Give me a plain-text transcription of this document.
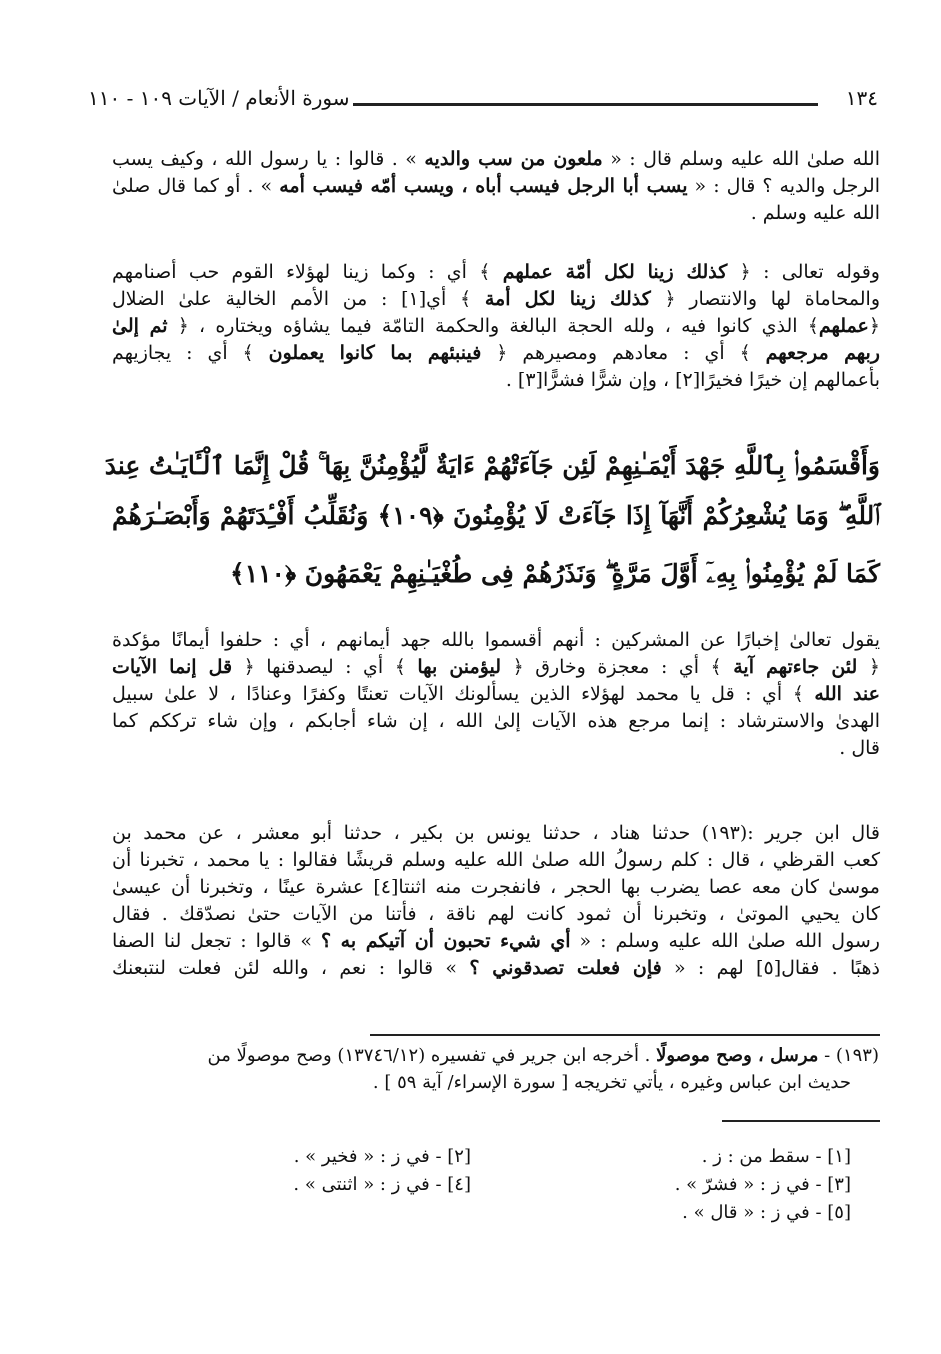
١٣٤
سورة الأنعام / الآيات ١٠٩ - ١١٠
الله صلىٰ الله عليه وسلم قال : « ملعون من سب والديه » . قالوا : يا رسول الله ، وكيف يسب
الرجل والديه ؟ قال : « يسب أبا الرجل فيسب أباه ، ويسب أمّه فيسب أمه » . أو كما قال صلىٰ
الله عليه وسلم .
وقوله تعالى : ﴿ كذلك زينا لكل أمّة عملهم ﴾ أي : وكما زينا لهؤلاء القوم حب أصنامهم
والمحاماة لها والانتصار ﴿ كذلك زينا لكل أمة ﴾ أي[١] : من الأمم الخالية علىٰ الضلال
﴿عملهم﴾ الذي كانوا فيه ، ولله الحجة البالغة والحكمة التامّة فيما يشاؤه ويختاره ، ﴿ ثم إلىٰ
ربهم مرجعهم ﴾ أي : معادهم ومصيرهم ﴿ فينبئهم بما كانوا يعملون ﴾ أي : يجازيهم
بأعمالهم إن خيرًا فخيرًا[٢] ، وإن شرًّا فشرًّا[٣] .
يقول تعالىٰ إخبارًا عن المشركين : أنهم أقسموا بالله جهد أيمانهم ، أي : حلفوا أيمانًا مؤكدة
﴿ لئن جاءتهم آية ﴾ أي : معجزة وخارق ﴿ ليؤمنن بها ﴾ أي : ليصدقنها ﴿ قل إنما الآيات
عند الله ﴾ أي : قل يا محمد لهؤلاء الذين يسألونك الآيات تعنتًا وكفرًا وعنادًا ، لا علىٰ سبيل
الهدىٰ والاسترشاد : إنما مرجع هذه الآيات إلىٰ الله ، إن شاء أجابكم ، وإن شاء ترككم كما
قال .
قال ابن جرير :(١٩٣) حدثنا هناد ، حدثنا يونس بن بكير ، حدثنا أبو معشر ، عن محمد بن
كعب القرظي ، قال : كلم رسولُ الله صلىٰ الله عليه وسلم قريشًا فقالوا : يا محمد ، تخبرنا أن
موسىٰ كان معه عصا يضرب بها الحجر ، فانفجرت منه اثنتا[٤] عشرة عينًا ، وتخبرنا أن عيسىٰ
كان يحيي الموتىٰ ، وتخبرنا أن ثمود كانت لهم ناقة ، فأتنا من الآيات حتىٰ نصدّقك . فقال
رسول الله صلىٰ الله عليه وسلم : « أي شيء تحبون أن آتيكم به ؟ » قالوا : تجعل لنا الصفا
ذهبًا . فقال[٥] لهم : « فإن فعلت تصدقوني ؟ » قالوا : نعم ، والله لئن فعلت لنتبعنك
وَأَقْسَمُوا۟ بِٱللَّهِ جَهْدَ أَيْمَـٰنِهِمْ لَئِن جَآءَتْهُمْ ءَايَةٌ لَّيُؤْمِنُنَّ بِهَا ۚ قُلْ إِنَّمَا ٱلْـَٔايَـٰتُ عِندَ
ٱللَّهِ ۖ وَمَا يُشْعِرُكُمْ أَنَّهَآ إِذَا جَآءَتْ لَا يُؤْمِنُونَ ﴿١٠٩﴾ وَنُقَلِّبُ أَفْـِٔدَتَهُمْ وَأَبْصَـٰرَهُمْ
كَمَا لَمْ يُؤْمِنُوا۟ بِهِۦٓ أَوَّلَ مَرَّةٍ ۖ وَنَذَرُهُمْ فِى طُغْيَـٰنِهِمْ يَعْمَهُونَ ﴿١١٠﴾
(١٩٣) - مرسل ، وصح موصولًا . أخرجه ابن جرير في تفسيره (١٣٧٤٦/١٢) وصح موصولًا من
حديث ابن عباس وغيره ، يأتي تخريجه [ سورة الإسراء/ آية ٥٩ ] .
[١] - سقط من : ز .
[٢] - في ز : « فخير » .
[٣] - في ز : « فشرّ » .
[٤] - في ز : « اثنتى » .
[٥] - في ز : « قال » .
